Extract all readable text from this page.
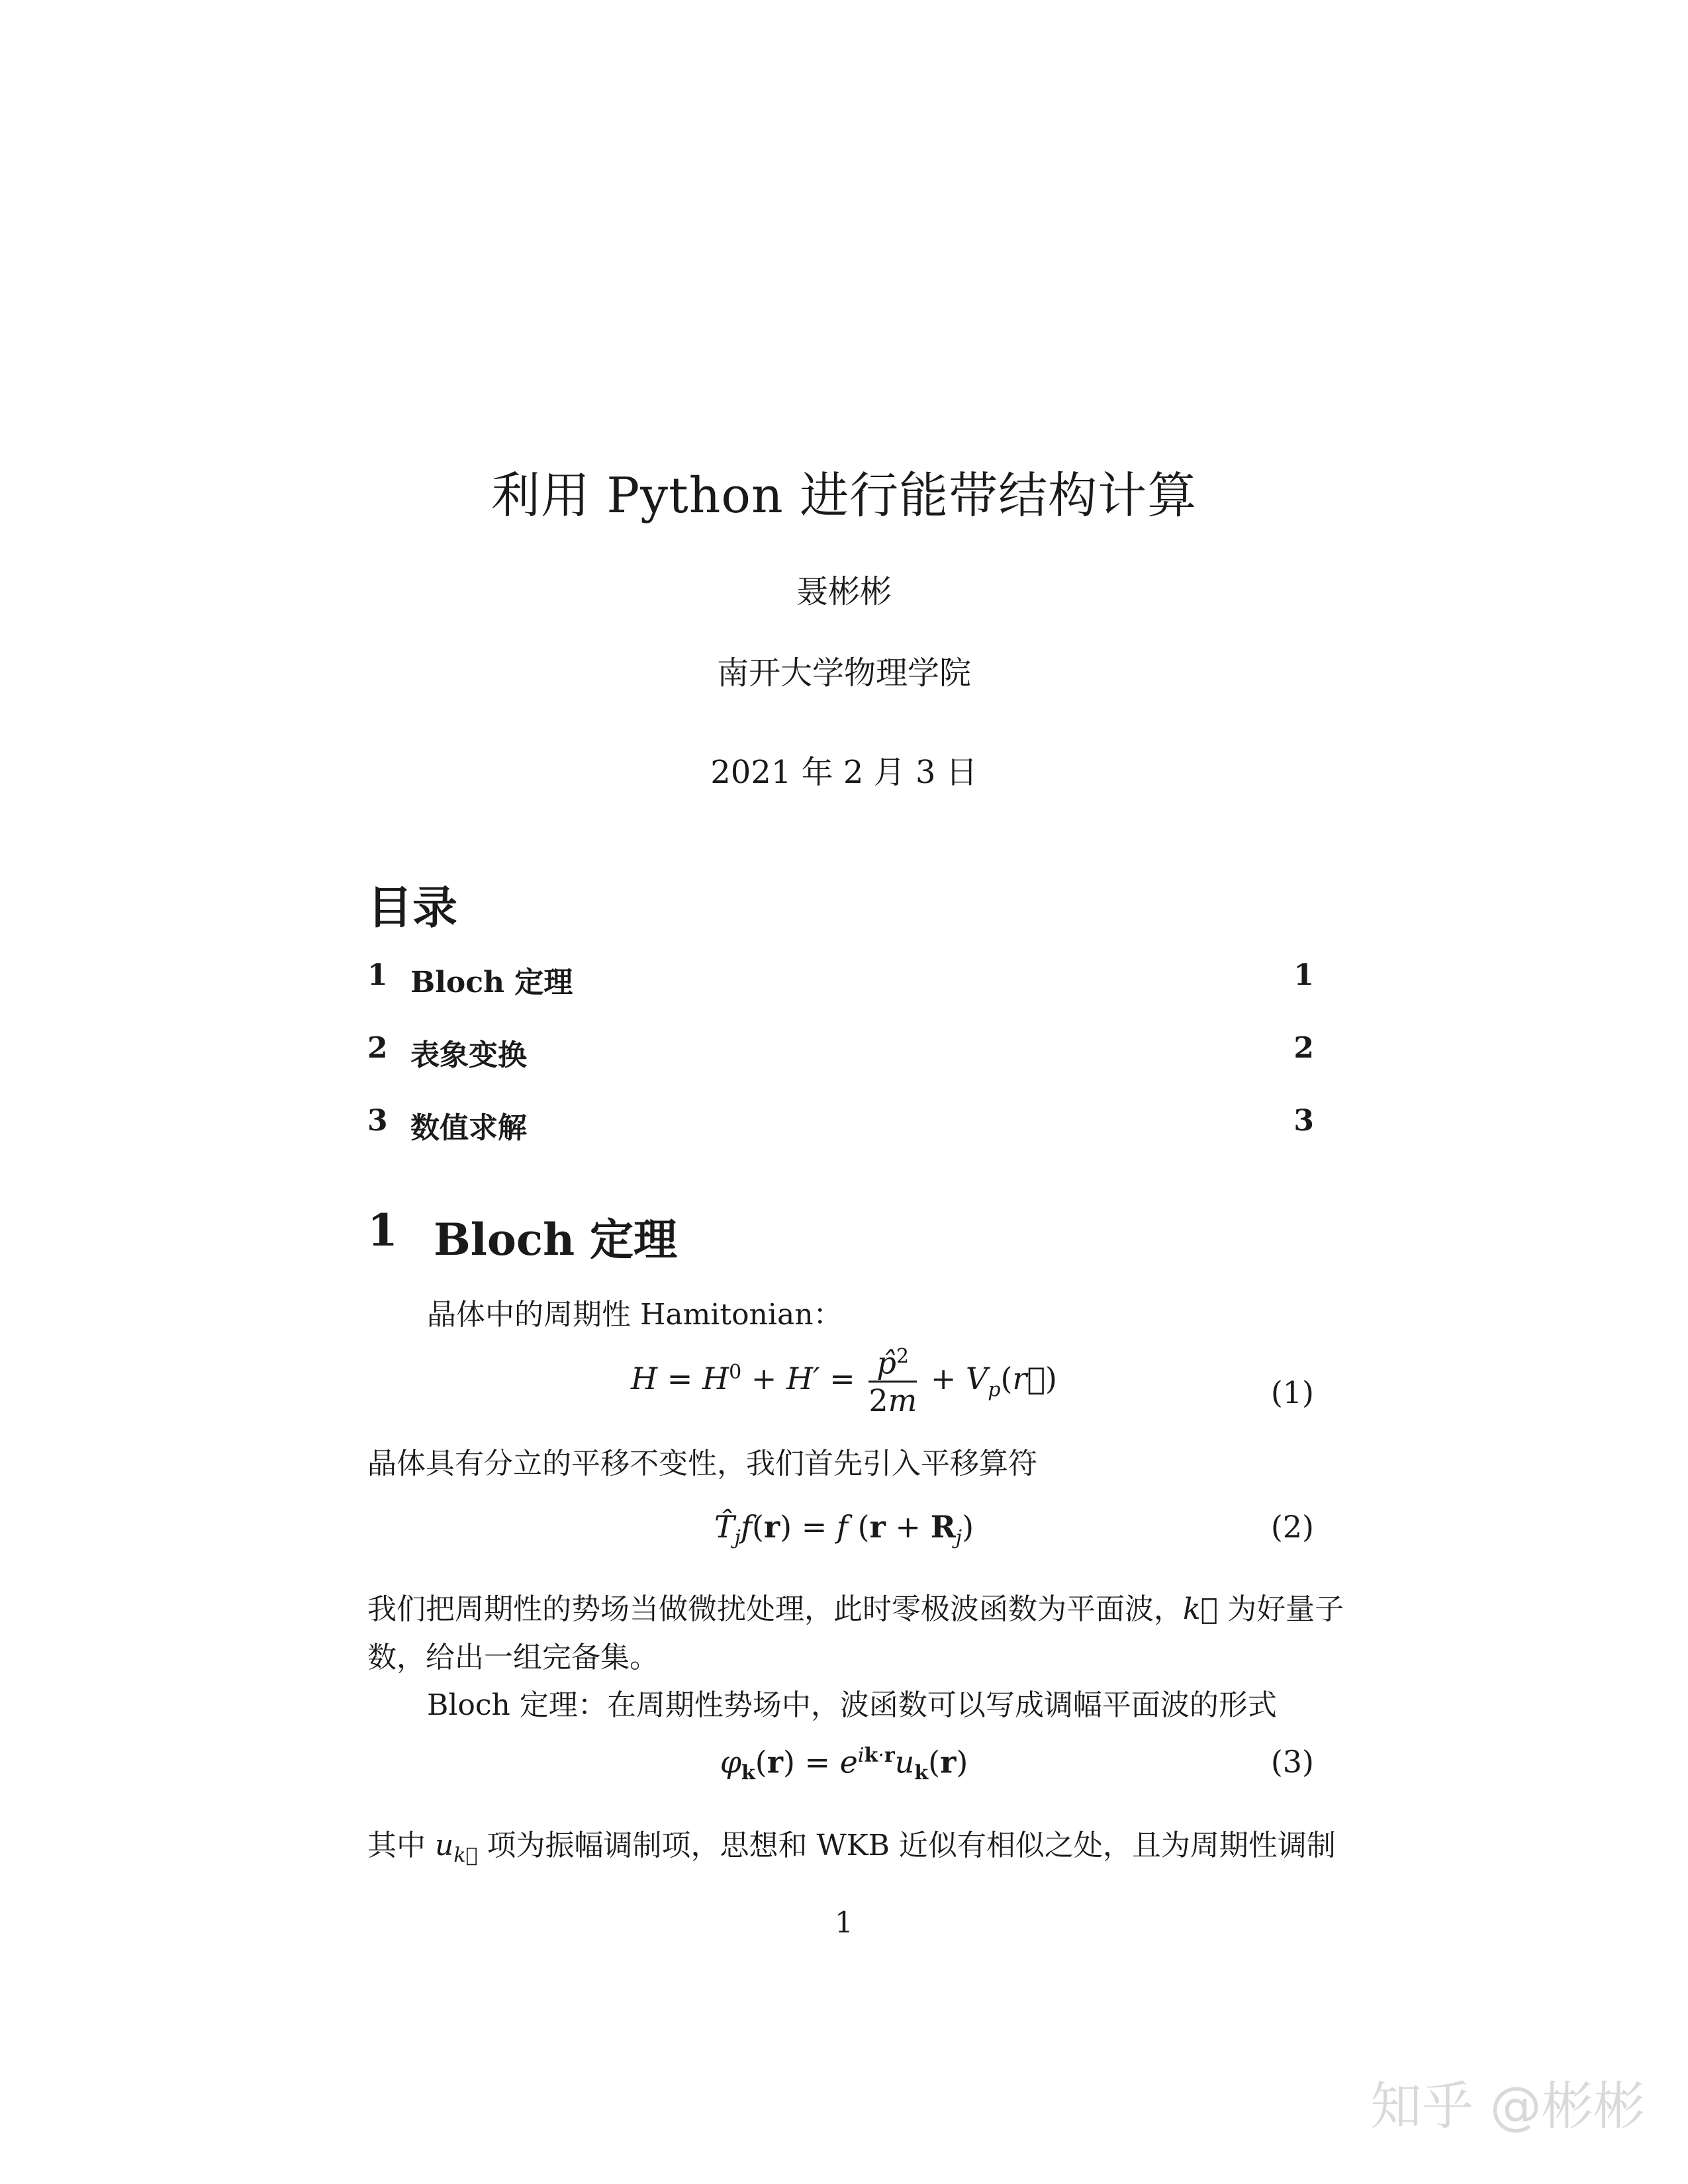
利用 Python 进行能带结构计算
聂彬彬
南开大学物理学院
2021 年 2 月 3 日
目录
1 Bloch 定理	1
2 表象变换	2
3 数值求解	3
1 Bloch 定理
晶体中的周期性 Hamitonian：
$H = H^0 + H' = \frac{p̂^2}{2m}$ + $V_p(r⃗)$	(1)
晶体具有分立的平移不变性，我们首先引入平移算符
$T̂_jf(r) = f$ $(r + R_j)$	(2)
我们把周期性的势场当做微扰处理，此时零极波函数为平面波，k⃗ 为好量子
数，给出一组完备集。
Bloch 定理：在周期性势场中，波函数可以写成调幅平面波的形式
$\varphi_k(r) = e^{ik\cdot r}u_k(r)$	(3)
其中 $u_{k⃗}$ 项为振幅调制项，思想和 WKB 近似有相似之处，且为周期性调制
1
知乎 @彬彬
